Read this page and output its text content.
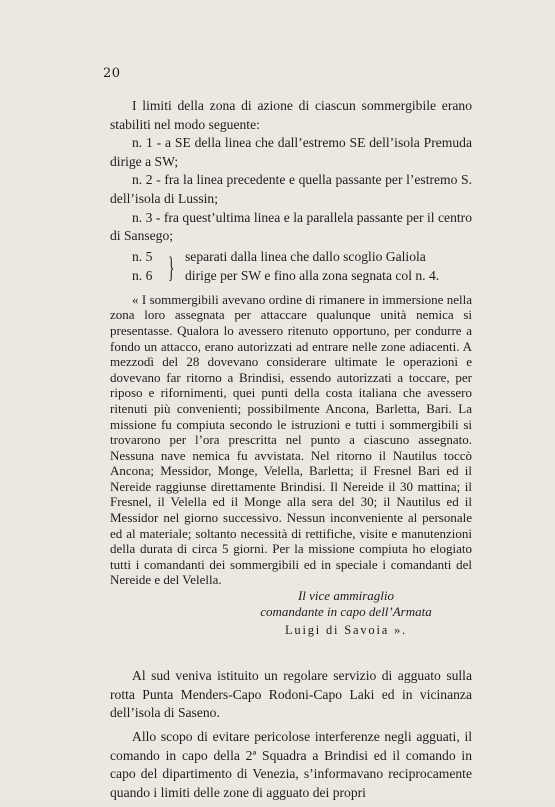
20

I limiti della zona di azione di ciascun sommergibile erano stabiliti nel modo seguente:

n. 1 - a SE della linea che dall’estremo SE dell’isola Premuda dirige a SW;

n. 2 - fra la linea precedente e quella passante per l’estremo S. dell’isola di Lussin;

n. 3 - fra quest’ultima linea e la parallela passante per il centro di Sansego;

n. 5
n. 6 } separati dalla linea che dallo scoglio Galiola
dirige per SW e fino alla zona segnata col n. 4.

« I sommergibili avevano ordine di rimanere in immersione nella zona loro assegnata per attaccare qualunque unità nemica si presentasse. Qualora lo avessero ritenuto opportuno, per condurre a fondo un attacco, erano autorizzati ad entrare nelle zone adiacenti. A mezzodì del 28 dovevano considerare ultimate le operazioni e dovevano far ritorno a Brindisi, essendo autorizzati a toccare, per riposo e rifornimenti, quei punti della costa italiana che avessero ritenuti più convenienti; possibilmente Ancona, Barletta, Bari. La missione fu compiuta secondo le istruzioni e tutti i sommergibili si trovarono per l’ora prescritta nel punto a ciascuno assegnato. Nessuna nave nemica fu avvistata. Nel ritorno il Nautilus toccò Ancona; Messidor, Monge, Velella, Barletta; il Fresnel Bari ed il Nereide raggiunse direttamente Brindisi. Il Nereide il 30 mattina; il Fresnel, il Velella ed il Monge alla sera del 30; il Nautilus ed il Messidor nel giorno successivo. Nessun inconveniente al personale ed al materiale; soltanto necessità di rettifiche, visite e manutenzioni della durata di circa 5 giorni. Per la missione compiuta ho elogiato tutti i comandanti dei sommergibili ed in speciale i comandanti del Nereide e del Velella.

Il vice ammiraglio
comandante in capo dell’Armata
Luigi di Savoia ».

Al sud veniva istituito un regolare servizio di agguato sulla rotta Punta Menders-Capo Rodoni-Capo Laki ed in vicinanza dell’isola di Saseno.

Allo scopo di evitare pericolose interferenze negli agguati, il comando in capo della 2ª Squadra a Brindisi ed il comando in capo del dipartimento di Venezia, s’informavano reciprocamente quando i limiti delle zone di agguato dei propri
